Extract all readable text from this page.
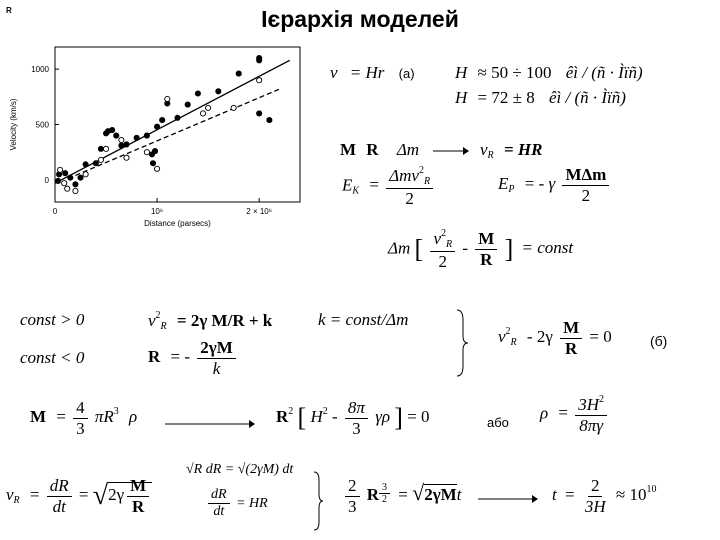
R	Ієрархія моделей
0
500
1000
0	10⁶	2 × 10⁶
Distance (parsecs)
Velocity (km/s)
ν = Hr (а) H ≈ 50 ÷ 100 êì / (ñ · Ìïñ)
H = 72 ± 8 êì / (ñ · Ìïñ)
M R Δm	$\nu_R$ = HR
$E_K = \frac{\Delta m\nu^2_R}{2}$	$E_P$ = - γ $\frac{\text{MΔm}}{2}$
Δm [ $\frac{\nu^2_R}{2} - \frac{M}{R}$ ] = const
const > 0	$\nu^2_R = 2\gamma$ M/R + k	k = const/Δm
const < 0	R = - $\frac{2\gamma M}{k}$
$\nu^2_R - 2\gamma \frac{M}{R} = 0$	(б)
$M = \frac{4}{3} \pi R^3$ ρ	$R^2$ [ $H^2 - \frac{8\pi}{3}$ γρ ] = 0	або
$\rho = \frac{3H^2}{8\pi\gamma}$
$\nu_R = \frac{dR}{dt} = √2\gamma \frac{M}{R}$
√R dR = √(2γM) dt
$\frac{dR}{dt}$ = HR	$\frac{2}{3}$ R $\frac{3}{2} = √2\gamma Mt$	$t = \frac{2}{3H} \approx 10^{10}$
